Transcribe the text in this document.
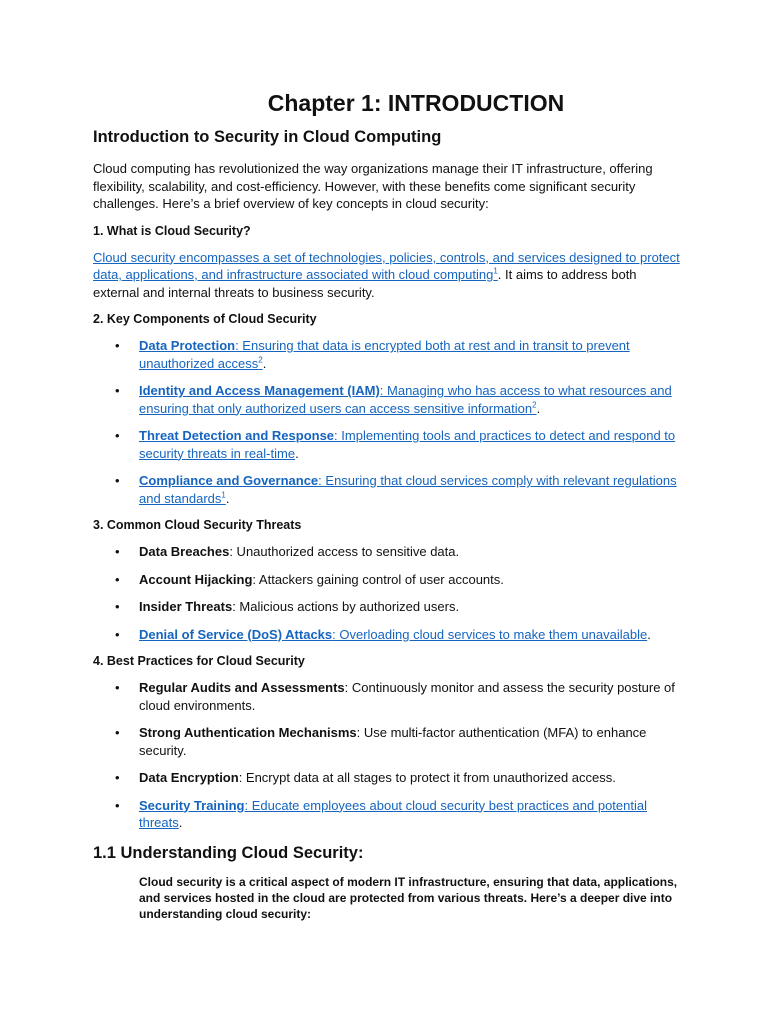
Chapter 1: INTRODUCTION
Introduction to Security in Cloud Computing

Cloud computing has revolutionized the way organizations manage their IT infrastructure, offering flexibility, scalability, and cost-efficiency. However, with these benefits come significant security challenges. Here’s a brief overview of key concepts in cloud security:

1. What is Cloud Security?

Cloud security encompasses a set of technologies, policies, controls, and services designed to protect data, applications, and infrastructure associated with cloud computing$^1$. It aims to address both external and internal threats to business security.

2. Key Components of Cloud Security
• Data Protection: Ensuring that data is encrypted both at rest and in transit to prevent unauthorized access$^2$.
• Identity and Access Management (IAM): Managing who has access to what resources and ensuring that only authorized users can access sensitive information$^2$.
• Threat Detection and Response: Implementing tools and practices to detect and respond to security threats in real-time.
• Compliance and Governance: Ensuring that cloud services comply with relevant regulations and standards$^1$.
3. Common Cloud Security Threats
• Data Breaches: Unauthorized access to sensitive data.
• Account Hijacking: Attackers gaining control of user accounts.
• Insider Threats: Malicious actions by authorized users.
• Denial of Service (DoS) Attacks: Overloading cloud services to make them unavailable.
4. Best Practices for Cloud Security
• Regular Audits and Assessments: Continuously monitor and assess the security posture of cloud environments.
• Strong Authentication Mechanisms: Use multi-factor authentication (MFA) to enhance security.
• Data Encryption: Encrypt data at all stages to protect it from unauthorized access.
• Security Training: Educate employees about cloud security best practices and potential threats.
1.1 Understanding Cloud Security:

Cloud security is a critical aspect of modern IT infrastructure, ensuring that data, applications, and services hosted in the cloud are protected from various threats. Here’s a deeper dive into understanding cloud security:
